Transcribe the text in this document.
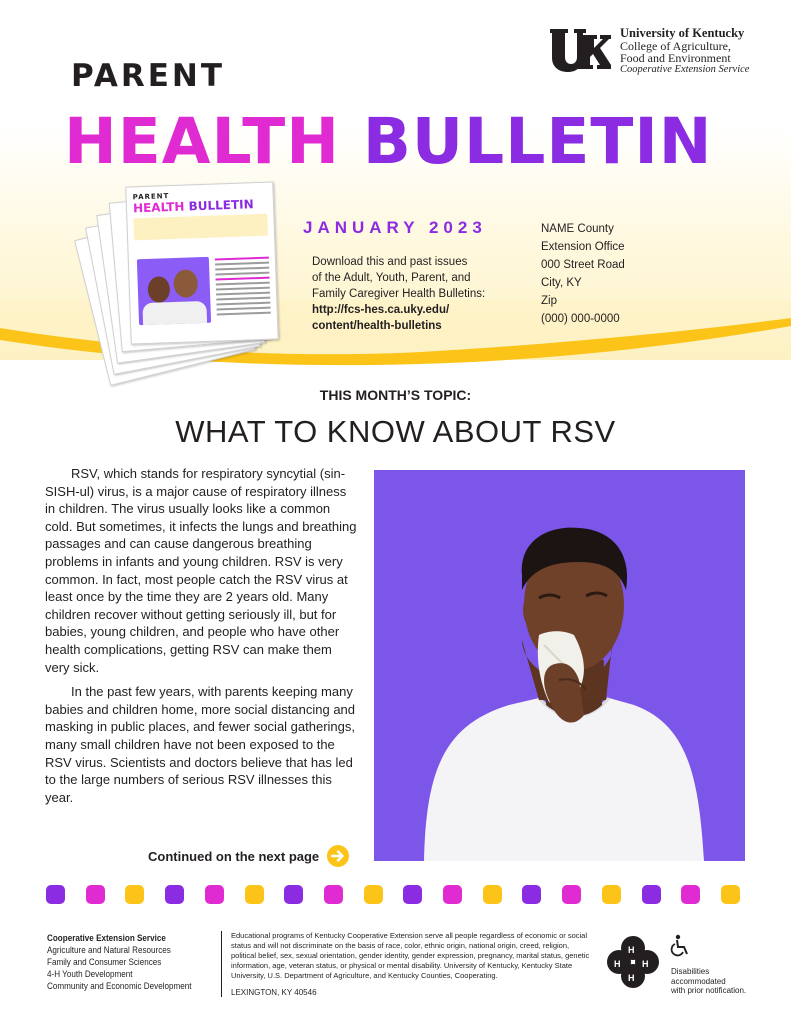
University of Kentucky
College of Agriculture,
Food and Environment
Cooperative Extension Service
PARENT
HEALTH BULLETIN
PARENT
HEALTH BULLETIN
JANUARY 2023
Download this and past issues
of the Adult, Youth, Parent, and
Family Caregiver Health Bulletins:
http://fcs-hes.ca.uky.edu/
content/health-bulletins
NAME County
Extension Office
000 Street Road
City, KY
Zip
(000) 000-0000
THIS MONTH’S TOPIC:
WHAT TO KNOW ABOUT RSV

RSV, which stands for respiratory syncytial (sin-SISH-ul) virus, is a major cause of respiratory illness in children. The virus usually looks like a common cold. But sometimes, it infects the lungs and breathing passages and can cause dangerous breathing problems in infants and young children. RSV is very common. In fact, most people catch the RSV virus at least once by the time they are 2 years old. Many children recover without getting seriously ill, but for babies, young children, and people who have other health complications, getting RSV can make them very sick.

In the past few years, with parents keeping many babies and children home, more social distancing and masking in public places, and fewer social gatherings, many small children have not been exposed to the RSV virus. Scientists and doctors believe that has led to the large numbers of serious RSV illnesses this year.

Continued on the next page
Cooperative Extension Service
Agriculture and Natural Resources
Family and Consumer Sciences
4-H Youth Development
Community and Economic Development
Educational programs of Kentucky Cooperative Extension serve all people regardless of economic or social status and will not discriminate on the basis of race, color, ethnic origin, national origin, creed, religion, political belief, sex, sexual orientation, gender identity, gender expression, pregnancy, marital status, genetic information, age, veteran status, or physical or mental disability. University of Kentucky, Kentucky State University, U.S. Department of Agriculture, and Kentucky Counties, Cooperating.
LEXINGTON, KY 40546
H
H H
H
Disabilities
accommodated
with prior notification.
